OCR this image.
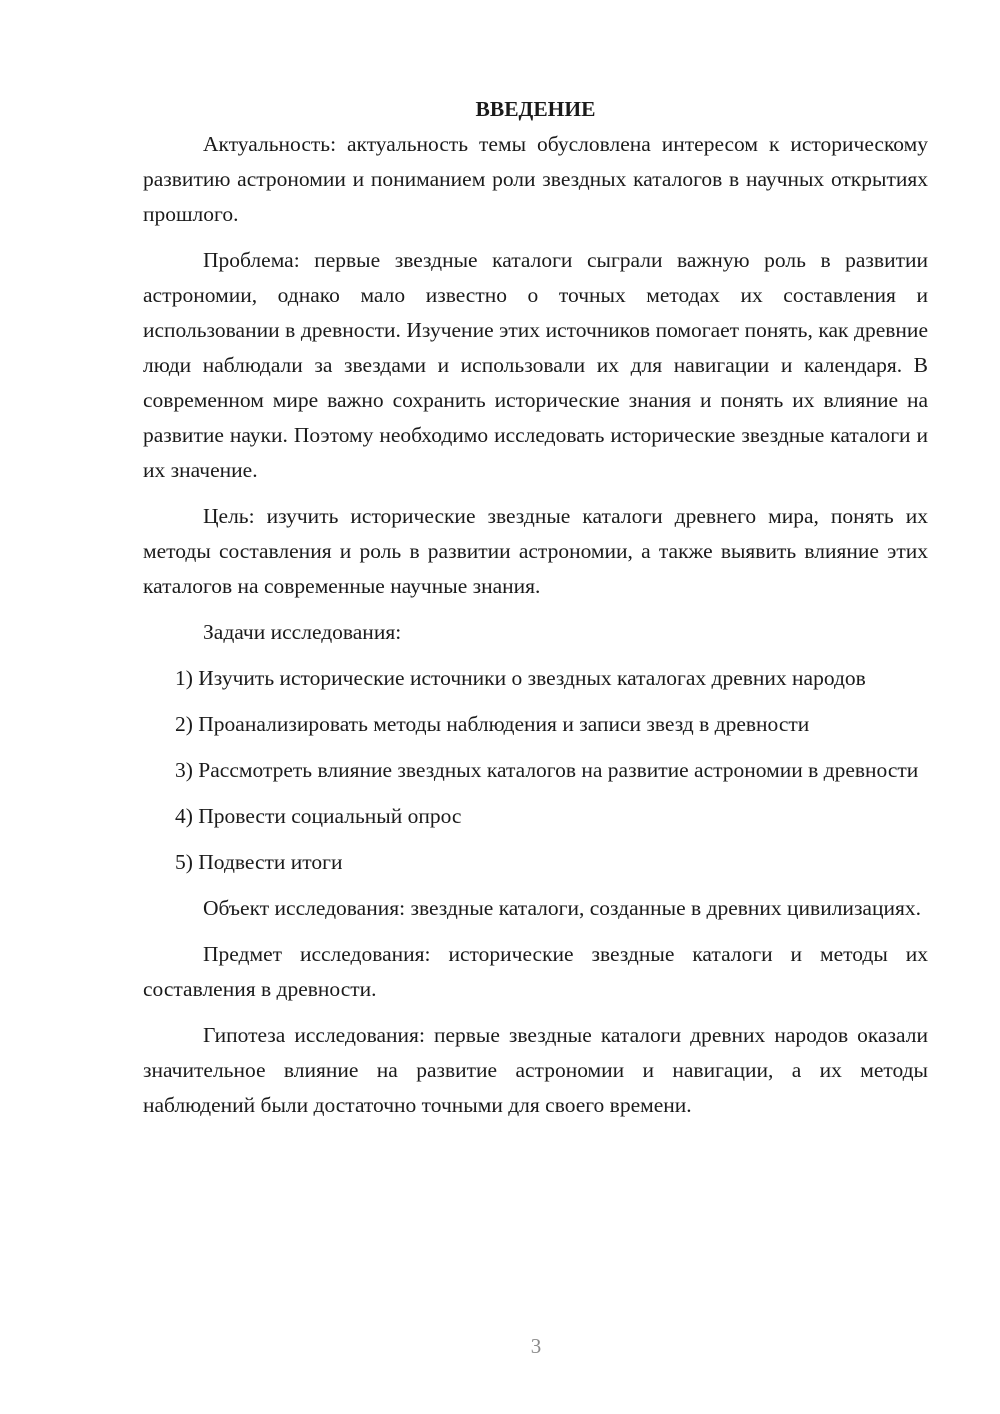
ВВЕДЕНИЕ

Актуальность: актуальность темы обусловлена интересом к историческому развитию астрономии и пониманием роли звездных каталогов в научных открытиях прошлого.

Проблема: первые звездные каталоги сыграли важную роль в развитии астрономии, однако мало известно о точных методах их составления и использовании в древности. Изучение этих источников помогает понять, как древние люди наблюдали за звездами и использовали их для навигации и календаря. В современном мире важно сохранить исторические знания и понять их влияние на развитие науки. Поэтому необходимо исследовать исторические звездные каталоги и их значение.

Цель: изучить исторические звездные каталоги древнего мира, понять их методы составления и роль в развитии астрономии, а также выявить влияние этих каталогов на современные научные знания.

Задачи исследования:

1) Изучить исторические источники о звездных каталогах древних народов

2) Проанализировать методы наблюдения и записи звезд в древности

3) Рассмотреть влияние звездных каталогов на развитие астрономии в древности

4) Провести социальный опрос

5) Подвести итоги

Объект исследования: звездные каталоги, созданные в древних цивилизациях.

Предмет исследования: исторические звездные каталоги и методы их составления в древности.

Гипотеза исследования: первые звездные каталоги древних народов оказали значительное влияние на развитие астрономии и навигации, а их методы наблюдений были достаточно точными для своего времени.

3
